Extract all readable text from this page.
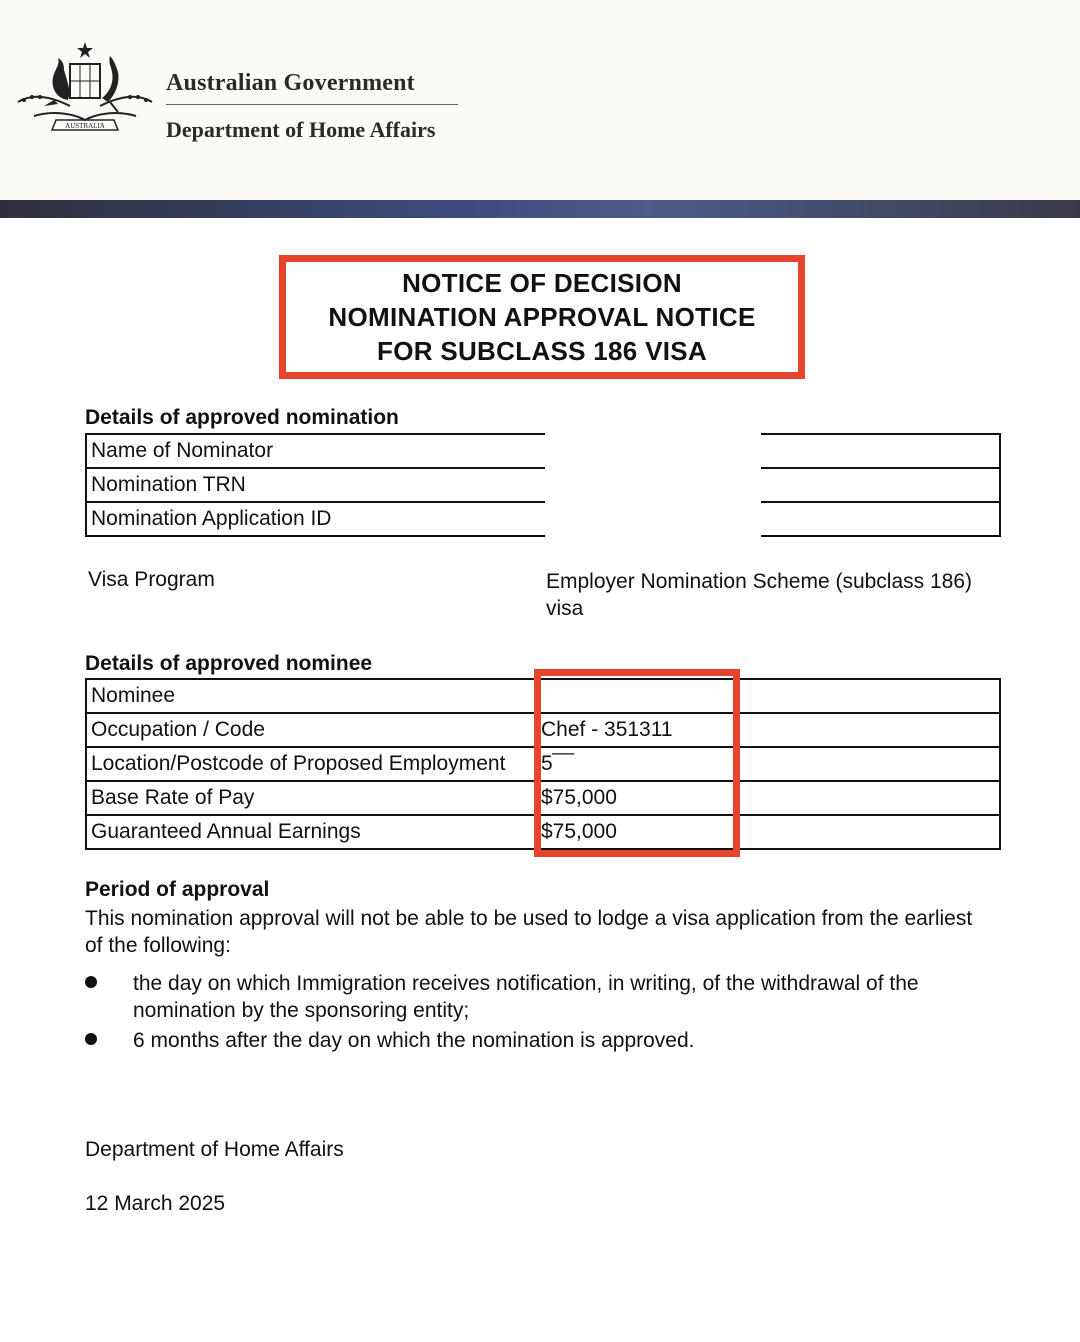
AUSTRALIA
Australian Government
Department of Home Affairs
NOTICE OF DECISION
NOMINATION APPROVAL NOTICE
FOR SUBCLASS 186 VISA
Details of approved nomination
Name of Nominator	
Nomination TRN	
Nomination Application ID	
Visa Program	Employer Nomination Scheme (subclass 186) visa
Details of approved nominee
Nominee	
Occupation / Code	Chef - 351311
Location/Postcode of Proposed Employment	5‾‾‾
Base Rate of Pay	$75,000
Guaranteed Annual Earnings	$75,000
Period of approval
This nomination approval will not be able to be used to lodge a visa application from the earliest of the following:
the day on which Immigration receives notification, in writing, of the withdrawal of the nomination by the sponsoring entity;
6 months after the day on which the nomination is approved.
Department of Home Affairs
12 March 2025
